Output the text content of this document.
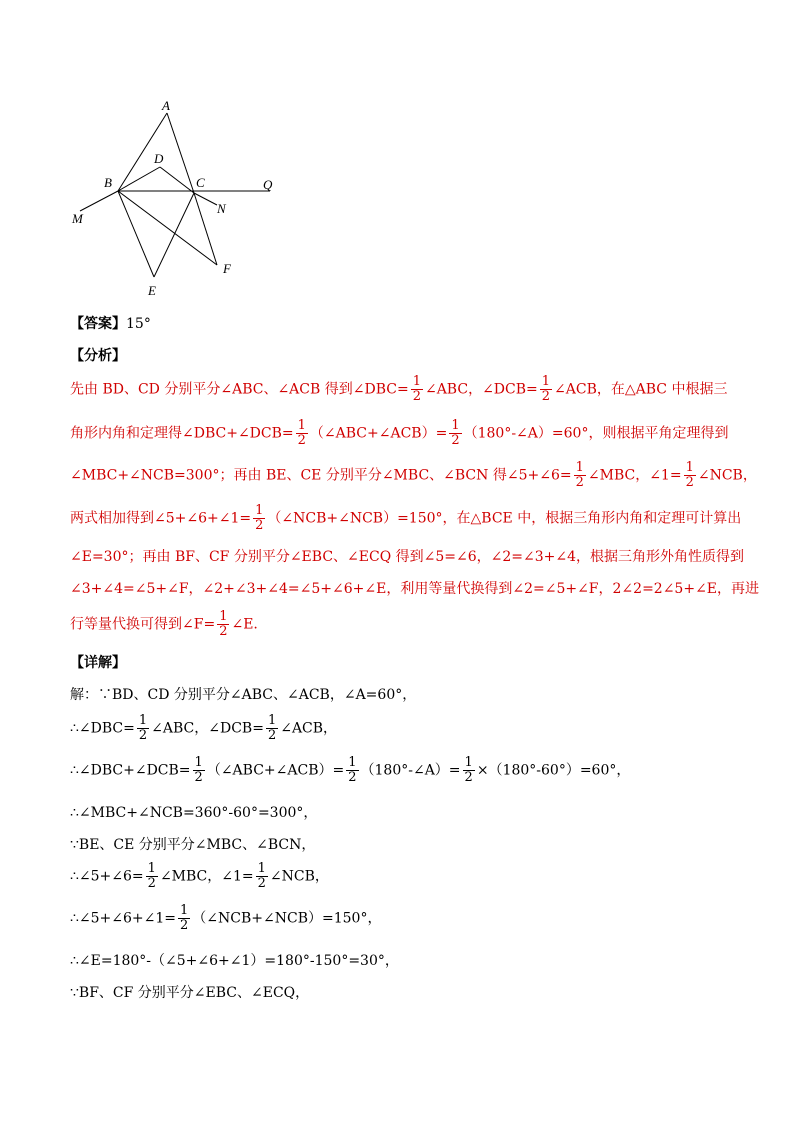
A
B	C
D
E
F
M
N
Q
【答案】15°
【分析】
先由 BD、CD 分别平分∠ABC、∠ACB 得到∠DBC= $\frac{1}{2}$ ∠ABC，∠DCB= $\frac{1}{2}$ ∠ACB，在△ABC 中根据三
角形内角和定理得∠DBC+∠DCB= $\frac{1}{2}$ （∠ABC+∠ACB）= $\frac{1}{2}$ （180°-∠A）=60°，则根据平角定理得到
∠MBC+∠NCB=300°；再由 BE、CE 分别平分∠MBC、∠BCN 得∠5+∠6= $\frac{1}{2}$ ∠MBC，∠1= $\frac{1}{2}$ ∠NCB，
两式相加得到∠5+∠6+∠1= $\frac{1}{2}$ （∠NCB+∠NCB）=150°，在△BCE 中，根据三角形内角和定理可计算出
∠E=30°；再由 BF、CF 分别平分∠EBC、∠ECQ 得到∠5=∠6，∠2=∠3+∠4，根据三角形外角性质得到
∠3+∠4=∠5+∠F，∠2+∠3+∠4=∠5+∠6+∠E，利用等量代换得到∠2=∠5+∠F，2∠2=2∠5+∠E，再进
行等量代换可得到∠F= $\frac{1}{2}$ ∠E.
【详解】
解：∵BD、CD 分别平分∠ABC、∠ACB，∠A=60°，
∴∠DBC= $\frac{1}{2}$ ∠ABC，∠DCB= $\frac{1}{2}$ ∠ACB，
∴∠DBC+∠DCB= $\frac{1}{2}$ （∠ABC+∠ACB）= $\frac{1}{2}$ （180°-∠A）= $\frac{1}{2} \times(180^\circ-60^\circ)=60^\circ$，
∴∠MBC+∠NCB=360°-60°=300°，
∵BE、CE 分别平分∠MBC、∠BCN，
∴∠5+∠6= $\frac{1}{2}$ ∠MBC，∠1= $\frac{1}{2}$ ∠NCB，
∴∠5+∠6+∠1= $\frac{1}{2}$ （∠NCB+∠NCB）=150°，
∴∠E=180°-（∠5+∠6+∠1）=180°-150°=30°，
∵BF、CF 分别平分∠EBC、∠ECQ，
